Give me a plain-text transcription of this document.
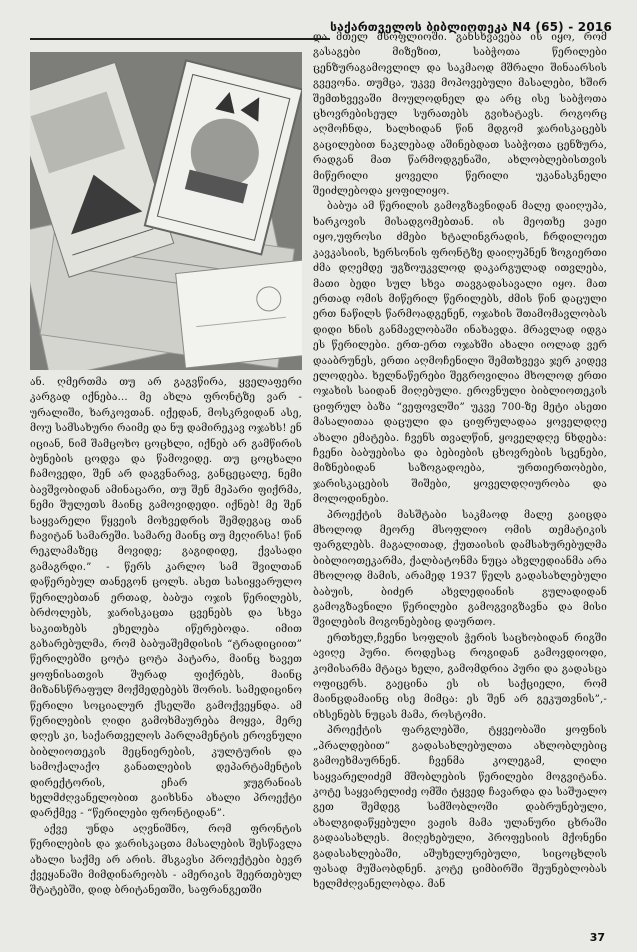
საქართველოს ბიბლიოთეკა N4 (65) - 2016

ან. ღმერთმა თუ არ გაგვწირა, ყველაფერი კარგად იქნება… მე ახლა ფრონტზე ვარ - ურალიში, ხარკოვთან. იქედან, მოსკრვიდან ასე, მოუ სამსახური რაიმე და ნუ დამირეკავ ოჯახს! ენ იციან, ნიმ შამცოხო ცოცხლი, იქნებ არ გამწირის ბუნების ცოდვა და წამოვიდე. თუ ცოცხალი ჩამოვედი, შენ არ დაგვნარავ, განცეცალე, ნემი ბავშვობიდან ამინაცარი, თუ შენ მეპარი ფიქრმა, ნემი შულეთს მაინც გამოვიდედი. იქნებ! მე შენ საყვარელი წყვეის მოხვედრის შემდეგაც თან ჩავიტან სამარეში. სამარე მაინც თუ მეღირსა! წინ რეკლამაზეც მოვიდე; გაგიდიდე, ქვასადი გამაგრდი.” - წერს კარლო სამ შვილთან დაწერებულ თანეგონ ცოლს. ასეთ სასიყვარულო წერილებთან ერთად, ბაბუა ოჯის წერილებს, ბრძოლებს, ჯარისკაცთა ცვენებს და სხვა საკითხებს ეხელება იწერებოდა. იმით გახარებულმა, რომ ბაბუაშემდისის “ტრადიციით” წერილებში ცოტა ცოტა პატარა, მაინც ხავეთ ყოფნისათვის შურად ფიქრებს, მაინც მიზანსწრაფულ მოქმედებებს შორის. სამედიცინო წერილი სოციალურ ქსელში გამოქვეყნდა. ამ წერილების ღიდი გამოხმაურება მოყვა, მერე დღეს კი, საქართველოს პარლამენტის ეროვნული ბიბლიოთეკის მეცნიერების, კულტურის და სამოქალაქო განათლების დეპარტამენტის დირექტორის, ეჩარ ჯუგრანიას ხელმძღვანელობით გაიხსნა ახალი პროექტი დარქმევ - “წერილები ფრონტიდან”.

აქვე უნდა აღვნიშნო, რომ ფრონტის წერილების და ჯარისკაცთა მასალების შესწავლა ახალი საქმე არ არის. მსგავსი პროექტები ბევრ ქვეყანაში მიმდინარეობს - ამერიკის შეერთებულ შტატებში, დიდ ბრიტანეთში, საფრანგეთში

და მთელ მსოფლიოში. განსხვავება ის იყო, რომ გასაგები მიზეზით, საბჭოთა წერილები ცენზურაგამოვლილ და საკმაოდ მშრალი შინაარსის გვევონა. თუმცა, უკვე მოპოვებული მასალები, ხშირ შემთხვევაში მოულოდნელ და არც ისე საბჭოთა ცხოვრებისეულ სურათებს გვიხატავს. როგორც აღმოჩნდა, ხალხიდან წინ მდგომ ჯარისკაცებს გაცილებით ნაკლებად აშინებდათ საბჭოთა ცენზურა, რადგან მათ წარმოდგენაში, ახლობლებისთვის მიწერილი ყოველი წერილი უკანასკნელი შეიძლებოდა ყოფილიყო.

ბაბუა ამ წერილის გამოგზავნიდან მალე დაიღუპა, ხარკოვის მისადგომებთან. ის მეოთხე ვაჟი იყო,უფროსი ძმები ხტალინგრადის, ჩრდილოეთ კავკასიის, ხერსონის ფრონტზე დაიღუპნენ ზოგიერთი ძმა დღემდე უგზოუკვლოდ დაკარგულად ითვლება, მათი ბედი სულ სხვა თავგადასავალი იყო. მათ ერთად ომის მიწერილ წერილებს, ძმის წინ დაცული ერთ ნაწილს წარმოადგენენ, ოჯახის შთამომავლობას დიდი ხნის განმავლობაში ინახავდა. მრავლად იდგა ეს წერილები. ერთ-ერთ ოჯახში ახალი იოლად ვერ დააბრუნეს, ერთი აღმოჩენილი შემთხვევა ჯერ კიდევ ელოდება. ხელნაწერები შეგროვილია მხოლოდ ერთი ოჯახის საიდან მიღებული. ეროვნული ბიბლიოთეკის ციფრულ ბაზა “ვეფოვლში” უკვე 700-ზე მეტი ასეთი მასალითაა დაცული და ციფრულადაა ყოველდღე ახალი ემატება. ჩვენს თვალწინ, ყოველდღე ნხდება: ჩვენი ბაბუებისა და ბებიების ცხოვრების სცენები, მიზნებიდან საზოგადოება, ურთიერთობები, ჯარისკაცების შიშები, ყოველდღიურობა და მოლოდინები.

პროექტის მასშტაბი საკმაოდ მალე გაიცდა მხოლოდ მეორე მსოფლიო ომის თემატიკის ფარგლებს. მაგალითად, ქუთაისის დამსახურებულმა ბიბლიოთეკარმა, ქალბატონმა ნუცა ახვლედიანმა არა მხოლოდ მამის, არამედ 1937 წელს გადასახლებული ბაბუის, ბიძერ ახვლედიანის გულადიდან გამოგზავნილი წერილები გამოგვიგზავნა და მისი შვილების მოგონებებიც დაურთო.

ერთხელ,ჩვენი სოფლის ჭერის საცხობიდან რიგში ავიღე პური. როდესაც როგიდან გამოვდიოდი, კომისარმა მტაცა ხელი, გამომდრია პური და გადასცა ოფიცერს. გაეცინა ეს ის საქციელი, რომ მაინცდამაინც ისე მიმცა: ეს შენ არ გეკუთვნის”,- იხსენებს ნუცას მამა, როსტომი.

პროექტის ფარგლებში, ტყვეობაში ყოფნის „პრალდებით” გადასახლებულთა ახლობლებიც გამოეხმაურნენ. ჩვენმა კოლეგამ, ლილი საყვარელიძემ მშობლების წერილები მოგვიტანა. კოტე საყვარელიძე ომში ტყვედ ჩავარდა და საშუალო გეთ შემდეგ სამშობლოში დაბრუნებული, ახალგიდაწყებული ვაჟის მამა ულანური ცხრაში გადაასახლეს. მიღეხებული, პროფესიის მქონენი გადასახლებაში, აშუხელურებული, სიცოცხლის ფასად მუშაობდნენ. კოტე ციმბირში შეუნებლობას ხელმძღვანელობდა. მან

37
